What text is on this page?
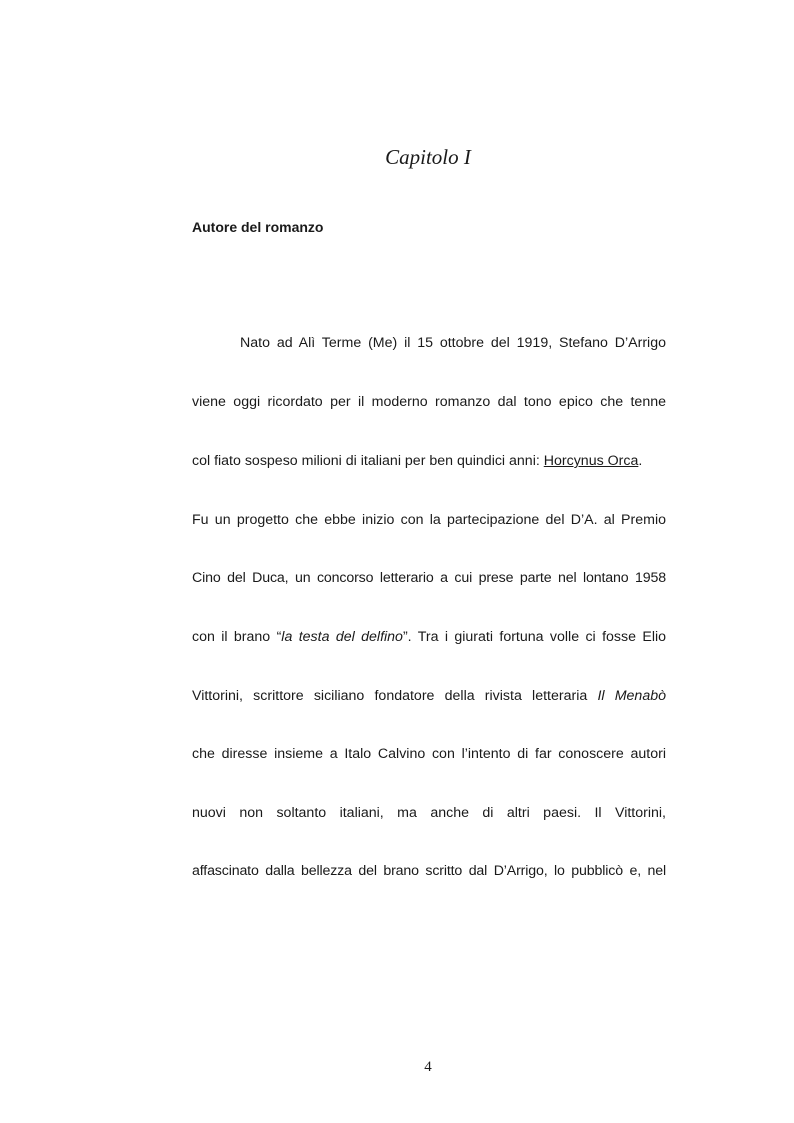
Capitolo I
Autore del romanzo
Nato ad Alì Terme (Me) il 15 ottobre del 1919, Stefano D’Arrigo
viene oggi ricordato per il moderno romanzo dal tono epico che tenne
col fiato sospeso milioni di italiani per ben quindici anni: Horcynus Orca.
Fu un progetto che ebbe inizio con la partecipazione del D’A. al Premio
Cino del Duca, un concorso letterario a cui prese parte nel lontano 1958
con il brano “la testa del delfino”. Tra i giurati fortuna volle ci fosse Elio
Vittorini, scrittore siciliano fondatore della rivista letteraria Il Menabò
che diresse insieme a Italo Calvino con l’intento di far conoscere autori
nuovi non soltanto italiani, ma anche di altri paesi. Il Vittorini,
affascinato dalla bellezza del brano scritto dal D’Arrigo, lo pubblicò e, nel
4
